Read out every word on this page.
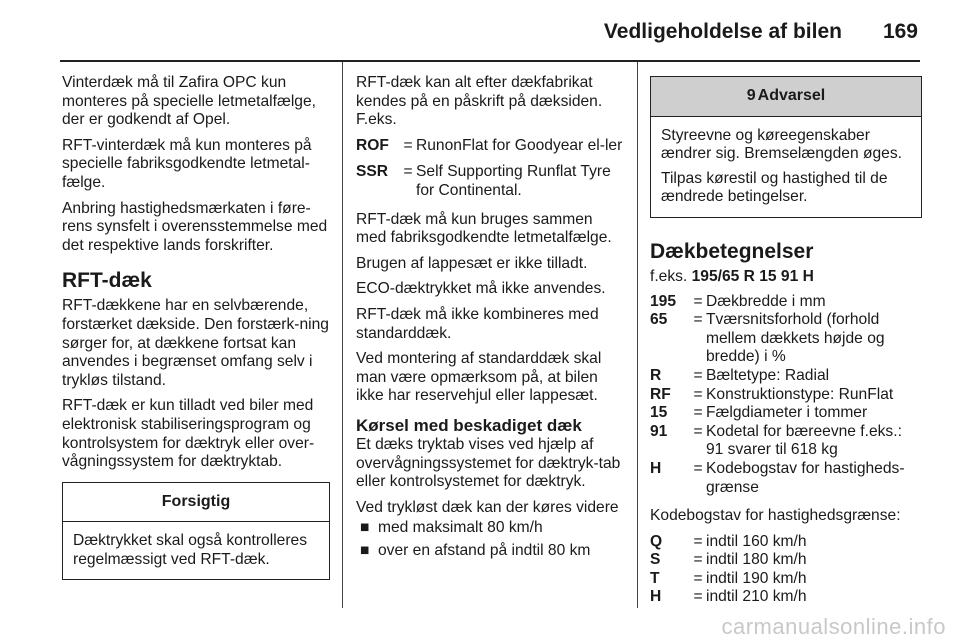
Vedligeholdelse af bilen 169

Vinterdæk må til Zafira OPC kun monteres på specielle letmetalfælge, der er godkendt af Opel.

RFT-vinterdæk må kun monteres på specielle fabriksgodkendte letmetal-fælge.

Anbring hastighedsmærkaten i føre-rens synsfelt i overensstemmelse med det respektive lands forskrifter.

RFT-dæk

RFT-dækkene har en selvbærende, forstærket dækside. Den forstærk-ning sørger for, at dækkene fortsat kan anvendes i begrænset omfang selv i trykløs tilstand.

RFT-dæk er kun tilladt ved biler med elektronisk stabiliseringsprogram og kontrolsystem for dæktryk eller over-vågningssystem for dæktryktab.

Forsigtig

Dæktrykket skal også kontrolleres regelmæssigt ved RFT-dæk.

RFT-dæk kan alt efter dækfabrikat kendes på en påskrift på dæksiden. F.eks.

ROF = RunonFlat for Goodyear el-ler
SSR = Self Supporting Runflat Tyre for Continental.

RFT-dæk må kun bruges sammen med fabriksgodkendte letmetalfælge.

Brugen af lappesæt er ikke tilladt.

ECO-dæktrykket må ikke anvendes.

RFT-dæk må ikke kombineres med standarddæk.

Ved montering af standarddæk skal man være opmærksom på, at bilen ikke har reservehjul eller lappesæt.

Kørsel med beskadiget dæk

Et dæks tryktab vises ved hjælp af overvågningssystemet for dæktryk-tab eller kontrolsystemet for dæktryk.

Ved trykløst dæk kan der køres videre

■ med maksimalt 80 km/h
■ over en afstand på indtil 80 km
9 Advarsel

Styreevne og køreegenskaber ændrer sig. Bremselængden øges.

Tilpas kørestil og hastighed til de ændrede betingelser.

Dækbetegnelser

f.eks. 195/65 R 15 91 H

195	= Dækbredde i mm
65	= Tværsnitsforhold (forhold mellem dækkets højde og bredde) i %
R	= Bæltetype: Radial
RF	= Konstruktionstype: RunFlat
15	= Fælgdiameter i tommer
91	= Kodetal for bæreevne f.eks.: 91 svarer til 618 kg
H	= Kodebogstav for hastigheds-grænse

Kodebogstav for hastighedsgrænse:

Q	= indtil 160 km/h
S	= indtil 180 km/h
T	= indtil 190 km/h
H	= indtil 210 km/h
carmanualsonline.info
